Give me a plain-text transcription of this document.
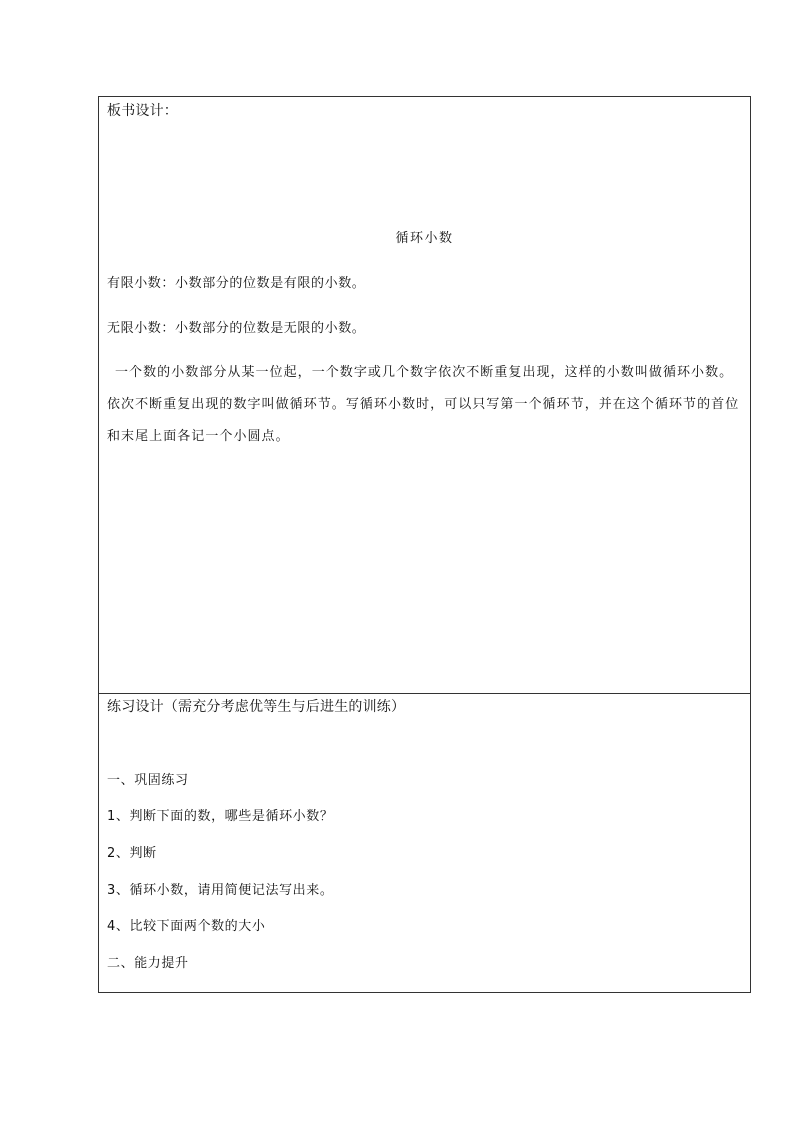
板书设计：
循环小数
有限小数：小数部分的位数是有限的小数。
无限小数：小数部分的位数是无限的小数。
一个数的小数部分从某一位起，一个数字或几个数字依次不断重复出现，这样的小数叫做循环小数。依次不断重复出现的数字叫做循环节。写循环小数时，可以只写第一个循环节，并在这个循环节的首位和末尾上面各记一个小圆点。
练习设计（需充分考虑优等生与后进生的训练）
一、巩固练习
1、判断下面的数，哪些是循环小数？
2、判断
3、循环小数，请用简便记法写出来。
4、比较下面两个数的大小
二、能力提升
